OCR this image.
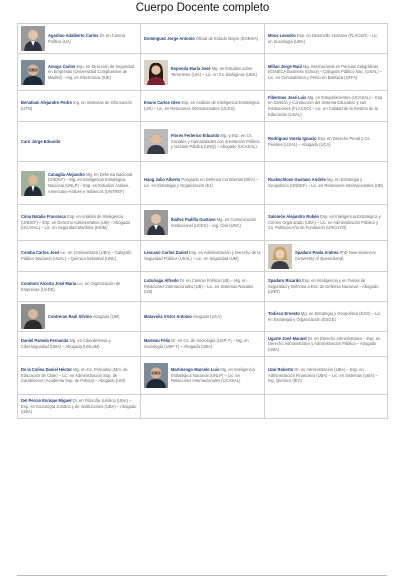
Cuerpo Docente completo
Agodino Adalberto Carlos Dr. en Ciencia Política (UA)	Domínguez Jorge Antonio Oficial de Estado Mayor (EGEMA)	Moss Leandro Esp. en Desarrollo Humano (FLACSO) – Lic. en Sociología (UBA)

Amaya Carlos Esp. en Dirección de Seguridad en Empresas (Universidad Complutense de Madrid) – Ing. en Electrónica (IUE)	Esponda María José Mg. en Estudios sobre Terrorismo (UIA) – Lic. en Cs. Biológicas (UBA)	Millan Jorge Raúl Mg. Internacional en Pericias Caligráficas (ESNECA Business School) – Calígrafo Público Nac. (USAL) – Lic. en Criminalística y Perito en Balística (UFFA)

Benatiani Alejandro Pedro Ing. en Sistemas de Información (UTN)	Evans Carlos Glen Esp. en Análisis de Inteligencia Estratégica (UN) – Lic. en Relaciones Internacionales (UCES)	Fibermus José Luis Mg. en Estupefacientes (UCASAL) – Esp. en Gestión y Conducción del Sistema Educativo y sus Instituciones (FLACSO) – Lic. en Calidad de la Gestión de la Educación (USAL)

Caro Jorge Eduardo	Flores Federico Eduardo Mg. y Esp. en Cs. Sociales y Humanidades con orientación Política y Gestión Pública (UNQ) – Abogado (UCASAL)	Rodríguez Varela Ignacio Esp. en Derecho Penal y Cs. Penales (USAL) – Abogado (UCA)

Canaglia Alejandro Mg. en Defensa Nacional (UNDEF) – Mg. en Inteligencia Estratégica Nacional (UNLP) – Esp. en Estudios Árabes, Americano-Árabes e Islámicos (UNTREF)	Hang Julio Alberto Posgrado en Defensa Continental (DEA) – Lic. en Estrategia y Organización (EJ)	Ruckschloss Gustavo Andrés Mg. en Estrategia y Geopolítica (UNDEF) – Lic. en Relaciones Internacionales (UB)

Cima Natalia Francisca Esp. en Análisis de Inteligencia (UNDEF) – Esp. en Derecho Administrativo (UB) – Abogada (UCASAL) – Lic. en Seguridad Marítima (ESIM)	Ibáñez Padilla Gustavo Mg. en Comunicación Institucional (UCES) – Ing. Civil (UNC)	Salomón Alejandro Rubén Esp. en Inteligencia Estratégica y Crimen Organizado (UBA) – Lic. en Administración Pública y Cs. Políticas Año de Fundación (UNCUYO)

Comba Carlos José Lic. en Criminalística (UBA) – Calígrafo Público Nacional (USAL) – Químico Industrial (UNC)	Lescano Carlos Daniel Esp. en Administración y Derecho de la Seguridad Pública (USAL) – Lic. en Seguridad (UM)	Spadaro Paola Andrea PhD Neurosciences (University of Queensland)

Condomí Alcorta José María Lic. en Organización de Empresas (UADE)	Luzuriaga Alfredo Dr. en Ciencia Política (UB) – Mg. en Relaciones Internacionales (UB) – Lic. en Sistemas Navales (UB)	Spadaro Ricardo Esp. en Inteligencia y en Temas de Seguridad y Defensa a EsC de Defensa Nacional – Abogado (UNR)

Contreras Raúl Silvino Abogado (UM)	Matavoila Víctor Antonio Abogado (UCA)	Todisco Ernesto Mg. en Estrategia y Geopolítica (ESG) – Lic. en Estrategia y Organización (ESGE)

Daniel Pamela Fernanda Mg. en Ciberdefensa y Ciberseguridad (UBA) – Abogada (UNLaM)	Marteau Félix Dr. en Cs. de Sociología (USP-T) – Mg. en Sociología (USP-T) – Abogado (UBA)	Ugarte José Manuel Dr. en Derecho Administrativo – Esp. en Derecho Administrativo y Administración Pública – Abogado (UBA)

De la Colina Daniel Héctor Mg. en Cs. Policiales (Mrn. de Educación de Chile) – Lic. en Administración Sup. de Carabineros (Academia Sup. de Policía) – Abogado (UM)	Martinengo Marcelo Luis Mg. en Inteligencia Estratégica Nacional (UNLP) – Lic. en Relaciones Internacionales (UCASAL)	Uzal Roberto Dr. en Administración (UBA) – Esp. en Administración Financiera (UBA) – Lic. en Sistemas (UBA) – Ing. Químico (IEC)

Del Percio Enrique Miguel Dr. en Filosofía Jurídica (UBA) – Esp. en Sociología Jurídica y de Instituciones (UBA) – Abogado (UBA)		
